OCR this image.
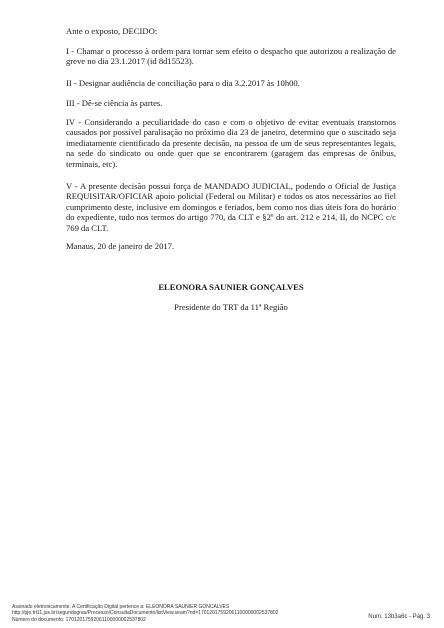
Ante o exposto, DECIDO:

I - Chamar o processo à ordem para tornar sem efeito o despacho que autorizou a realização de greve no dia 23.1.2017 (id 8d15523).

II - Designar audiência de conciliação para o dia 3.2.2017 às 10h00.

III - Dê-se ciência às partes.

IV - Considerando a peculiaridade do caso e com o objetivo de evitar eventuais transtornos causados por possível paralisação no próximo dia 23 de janeiro, determino que o suscitado seja imediatamente cientificado da presente decisão, na pessoa de um de seus representantes legais, na sede do sindicato ou onde quer que se encontrarem (garagem das empresas de ônibus, terminais, etc).

V - A presente decisão possui força de MANDADO JUDICIAL, podendo o Oficial de Justiça REQUISITAR/OFICIAR apoio policial (Federal ou Militar) e todos os atos necessários ao fiel cumprimento deste, inclusive em domingos e feriados, bem como nos dias úteis fora do horário do expediente, tudo nos termos do artigo 770, da CLT e §2º do art. 212 e 214, II, do NCPC c/c 769 da CLT.

Manaus, 20 de janeiro de 2017.

ELEONORA SAUNIER GONÇALVES

Presidente do TRT da 11ª Região

Assinado eletronicamente. A Certificação Digital pertence a: ELEONORA SAUNIER GONCALVES
http://pje.trt11.jus.br/segundograu/Processo/ConsultaDocumento/listView.seam?nd=17012017592061100000002537802
Número do documento: 17012017592061100000002537802	Num. 13b3a6c - Pág. 3
